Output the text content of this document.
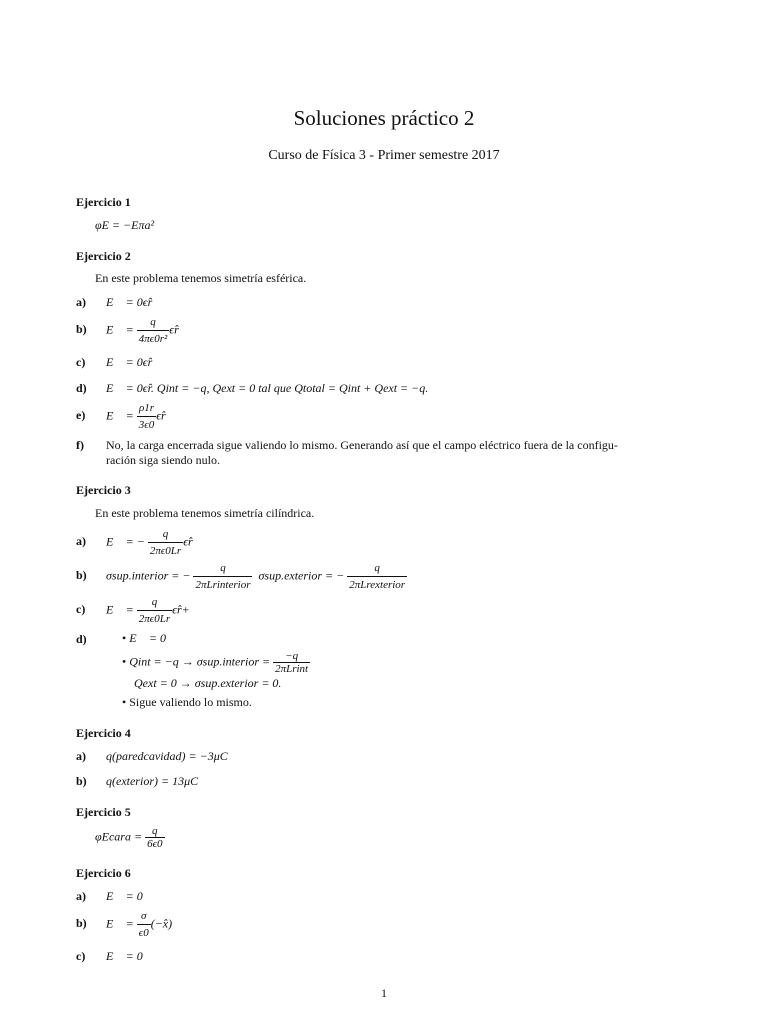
Soluciones práctico 2
Curso de Física 3 - Primer semestre 2017
Ejercicio 1
φE = −Eπa²
Ejercicio 2
En este problema tenemos simetría esférica.
a) E⃗ = 0ϵ̂r
b) E⃗ = $\frac{q}{\text{4πϵ0r²}}$ ϵ̂r
c) E⃗ = 0ϵ̂r
d) E⃗ = 0ϵ̂r. Qint = −q, Qext = 0 tal que Qtotal = Qint + Qext = −q.
e) E⃗ = $\frac{\rho 1r}{3\epsilon 0}$ ϵ̂r
f) No, la carga encerrada sigue valiendo lo mismo. Generando así que el campo eléctrico fuera de la configu-
ración siga siendo nulo.
Ejercicio 3
En este problema tenemos simetría cilíndrica.
a) E⃗ = − $\frac{q}{2\pi\epsilon 0Lr}$ ϵ̂r
b) σsup.interior = − $\frac{q}{\text{2πLrinterior}}$ σsup.exterior = − $\frac{q}{\text{2πLrexterior}}$
c) E⃗ = $\frac{q}{2\pi\epsilon 0Lr}$ ϵ̂r+
d)	• E⃗ = 0
• Qint = −q → σsup.interior = $\frac{-q}{\text{2πLrint}}$
Qext = 0 → σsup.exterior = 0.
• Sigue valiendo lo mismo.
Ejercicio 4
a) q(paredcavidad) = −3μC
b) q(exterior) = 13μC
Ejercicio 5
φEcara = $\frac{q}{6\epsilon 0}$
Ejercicio 6
a) E⃗ = 0⃗
b) E⃗ = $\frac{\sigma}{\epsilon 0}$ (−x̂)
c) E⃗ = 0⃗
1
